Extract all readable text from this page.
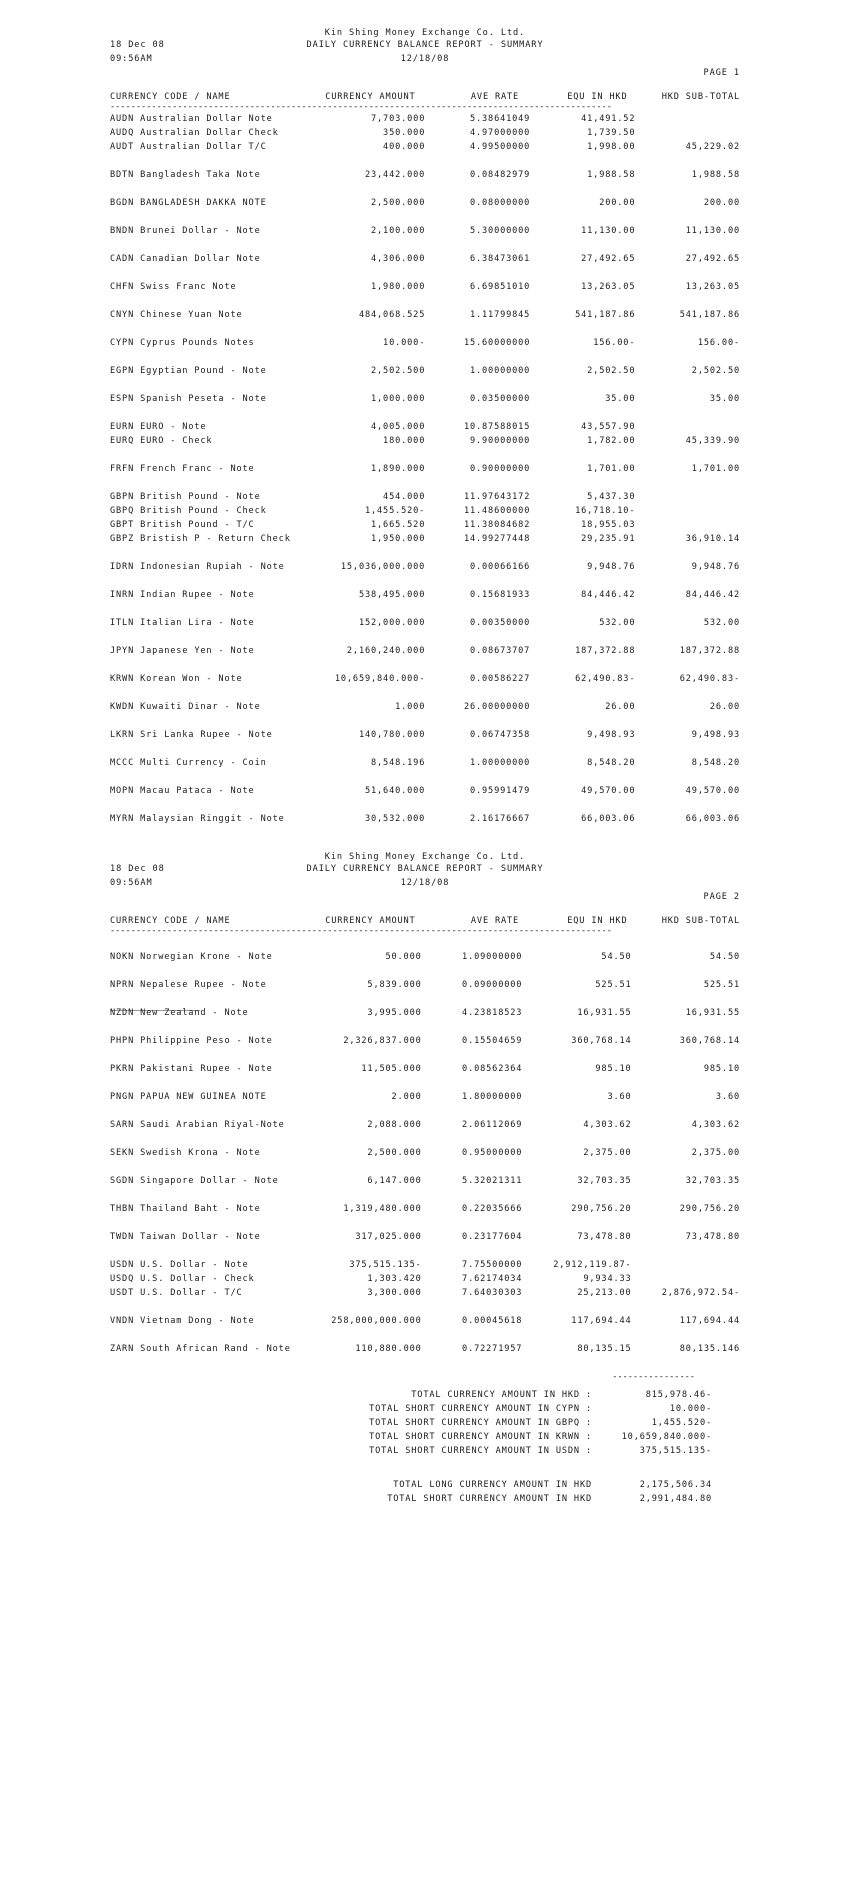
Kin Shing Money Exchange Co. Ltd.
18 Dec 08	DAILY CURRENCY BALANCE REPORT - SUMMARY
09:56AM	12/18/08
PAGE 1
CURRENCY CODE / NAME	CURRENCY AMOUNT	AVE RATE	EQU IN HKD	HKD SUB-TOTAL
-------------------------------------------------------------------------------------------------
AUDN Australian Dollar Note	7,703.000	5.38641049	41,491.52	
AUDQ Australian Dollar Check	350.000	4.97000000	1,739.50	
AUDT Australian Dollar T/C	400.000	4.99500000	1,998.00	45,229.02

BDTN Bangladesh Taka Note	23,442.000	0.08482979	1,988.58	1,988.58

BGDN BANGLADESH DAKKA NOTE	2,500.000	0.08000000	200.00	200.00

BNDN Brunei Dollar - Note	2,100.000	5.30000000	11,130.00	11,130.00

CADN Canadian Dollar Note	4,306.000	6.38473061	27,492.65	27,492.65

CHFN Swiss Franc Note	1,980.000	6.69851010	13,263.05	13,263.05

CNYN Chinese Yuan Note	484,068.525	1.11799845	541,187.86	541,187.86

CYPN Cyprus Pounds Notes	10.000-	15.60000000	156.00-	156.00-

EGPN Egyptian Pound - Note	2,502.500	1.00000000	2,502.50	2,502.50

ESPN Spanish Peseta - Note	1,000.000	0.03500000	35.00	35.00

EURN EURO - Note	4,005.000	10.87588015	43,557.90	
EURQ EURO - Check	180.000	9.90000000	1,782.00	45,339.90

FRFN French Franc - Note	1,890.000	0.90000000	1,701.00	1,701.00

GBPN British Pound - Note	454.000	11.97643172	5,437.30	
GBPQ British Pound - Check	1,455.520-	11.48600000	16,718.10-	
GBPT British Pound - T/C	1,665.520	11.38084682	18,955.03	
GBPZ Bristish P - Return Check	1,950.000	14.99277448	29,235.91	36,910.14

IDRN Indonesian Rupiah - Note	15,036,000.000	0.00066166	9,948.76	9,948.76

INRN Indian Rupee - Note	538,495.000	0.15681933	84,446.42	84,446.42

ITLN Italian Lira - Note	152,000.000	0.00350000	532.00	532.00

JPYN Japanese Yen - Note	2,160,240.000	0.08673707	187,372.88	187,372.88

KRWN Korean Won - Note	10,659,840.000-	0.00586227	62,490.83-	62,490.83-

KWDN Kuwaiti Dinar - Note	1.000	26.00000000	26.00	26.00

LKRN Sri Lanka Rupee - Note	140,780.000	0.06747358	9,498.93	9,498.93

MCCC Multi Currency - Coin	8,548.196	1.00000000	8,548.20	8,548.20

MOPN Macau Pataca - Note	51,640.000	0.95991479	49,570.00	49,570.00

MYRN Malaysian Ringgit - Note	30,532.000	2.16176667	66,003.06	66,003.06
Kin Shing Money Exchange Co. Ltd.
18 Dec 08	DAILY CURRENCY BALANCE REPORT - SUMMARY
09:56AM	12/18/08
PAGE 2
CURRENCY CODE / NAME	CURRENCY AMOUNT	AVE RATE	EQU IN HKD	HKD SUB-TOTAL
-------------------------------------------------------------------------------------------------

NOKN Norwegian Krone - Note	50.000	1.09000000	54.50	54.50

NPRN Nepalese Rupee - Note	5,839.000	0.09000000	525.51	525.51

NZDN New Zealand - Note	3,995.000	4.23818523	16,931.55	16,931.55

PHPN Philippine Peso - Note	2,326,837.000	0.15504659	360,768.14	360,768.14

PKRN Pakistani Rupee - Note	11,505.000	0.08562364	985.10	985.10

PNGN PAPUA NEW GUINEA NOTE	2.000	1.80000000	3.60	3.60

SARN Saudi Arabian Riyal-Note	2,088.000	2.06112069	4,303.62	4,303.62

SEKN Swedish Krona - Note	2,500.000	0.95000000	2,375.00	2,375.00

SGDN Singapore Dollar - Note	6,147.000	5.32021311	32,703.35	32,703.35

THBN Thailand Baht - Note	1,319,480.000	0.22035666	290,756.20	290,756.20

TWDN Taiwan Dollar - Note	317,025.000	0.23177604	73,478.80	73,478.80

USDN U.S. Dollar - Note	375,515.135-	7.75500000	2,912,119.87-	
USDQ U.S. Dollar - Check	1,303.420	7.62174034	9,934.33	
USDT U.S. Dollar - T/C	3,300.000	7.64030303	25,213.00	2,876,972.54-

VNDN Vietnam Dong - Note	258,000,000.000	0.00045618	117,694.44	117,694.44

ZARN South African Rand - Note	110,880.000	0.72271957	80,135.15	80,135.146
----------------
TOTAL CURRENCY AMOUNT IN HKD :	815,978.46-
TOTAL SHORT CURRENCY AMOUNT IN CYPN :	10.000-
TOTAL SHORT CURRENCY AMOUNT IN GBPQ :	1,455.520-
TOTAL SHORT CURRENCY AMOUNT IN KRWN :	10,659,840.000-
TOTAL SHORT CURRENCY AMOUNT IN USDN :	375,515.135-
TOTAL LONG CURRENCY AMOUNT IN HKD	2,175,506.34
TOTAL SHORT CURRENCY AMOUNT IN HKD	2,991,484.80
